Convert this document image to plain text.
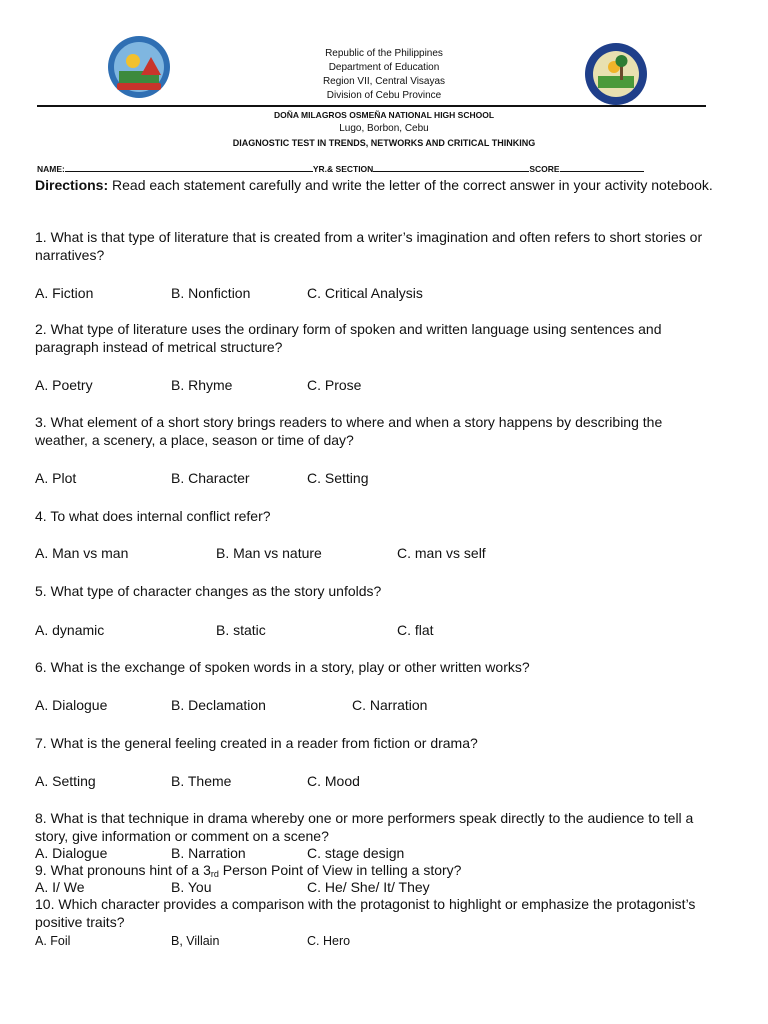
Republic of the Philippines
Department of Education
Region VII, Central Visayas
Division of Cebu Province
DOÑA MILAGROS OSMEÑA NATIONAL HIGH SCHOOL
Lugo, Borbon, Cebu
DIAGNOSTIC TEST IN TRENDS, NETWORKS AND CRITICAL THINKING
NAME:	YR.& SECTION	SCORE
Directions: Read each statement carefully and write the letter of the correct answer in your activity notebook.
1. What is that type of literature that is created from a writer’s imagination and often refers to short stories or narratives?
A. Fiction	B. Nonfiction	C. Critical Analysis
2. What type of literature uses the ordinary form of spoken and written language using sentences and paragraph instead of metrical structure?
A. Poetry	B. Rhyme	C. Prose
3. What element of a short story brings readers to where and when a story happens by describing the weather, a scenery, a place, season or time of day?
A. Plot	B. Character	C. Setting
4. To what does internal conflict refer?
A. Man vs man	B. Man vs nature	C. man vs self
5. What type of character changes as the story unfolds?
A. dynamic	B. static	C. flat
6. What is the exchange of spoken words in a story, play or other written works?
A. Dialogue	B. Declamation	C. Narration
7. What is the general feeling created in a reader from fiction or drama?
A. Setting	B. Theme	C. Mood
8. What is that technique in drama whereby one or more performers speak directly to the audience to tell a story, give information or comment on a scene?
A. Dialogue	B. Narration	C. stage design
9. What pronouns hint of a $3_{rd}$ Person Point of View in telling a story?
A. I/ We	B. You	C. He/ She/ It/ They
10. Which character provides a comparison with the protagonist to highlight or emphasize the protagonist’s positive traits?
A. Foil	B, Villain	C. Hero
